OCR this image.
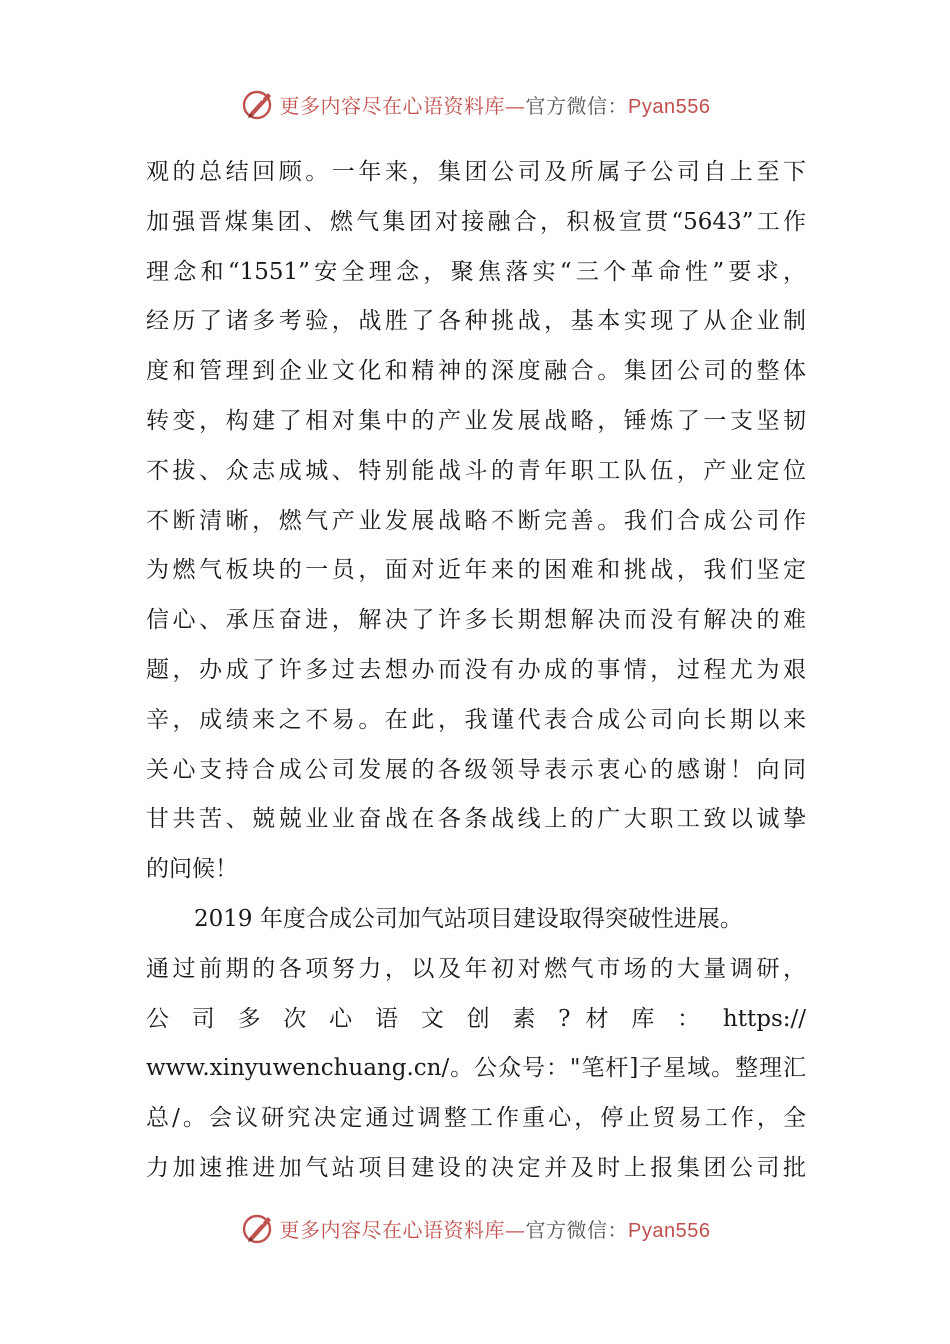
更多内容尽在心语资料库—官方微信：Pyan556
观的总结回顾。一年来，集团公司及所属子公司自上至下
加强晋煤集团、燃气集团对接融合，积极宣贯“5643”工作
理念和“1551”安全理念，聚焦落实“三个革命性”要求，
经历了诸多考验，战胜了各种挑战，基本实现了从企业制
度和管理到企业文化和精神的深度融合。集团公司的整体
转变，构建了相对集中的产业发展战略，锤炼了一支坚韧
不拔、众志成城、特别能战斗的青年职工队伍，产业定位
不断清晰，燃气产业发展战略不断完善。我们合成公司作
为燃气板块的一员，面对近年来的困难和挑战，我们坚定
信心、承压奋进，解决了许多长期想解决而没有解决的难
题，办成了许多过去想办而没有办成的事情，过程尤为艰
辛，成绩来之不易。在此，我谨代表合成公司向长期以来
关心支持合成公司发展的各级领导表示衷心的感谢！向同
甘共苦、兢兢业业奋战在各条战线上的广大职工致以诚挚
的问候！
2019 年度合成公司加气站项目建设取得突破性进展。
通过前期的各项努力，以及年初对燃气市场的大量调研，
公 司 多 次 心 语 文 创 素 ? 材 库 ： https://
www.xinyuwenchuang.cn/。公众号："笔杆]子星域。整理汇
总/。会议研究决定通过调整工作重心，停止贸易工作，全
力加速推进加气站项目建设的决定并及时上报集团公司批
更多内容尽在心语资料库—官方微信：Pyan556
